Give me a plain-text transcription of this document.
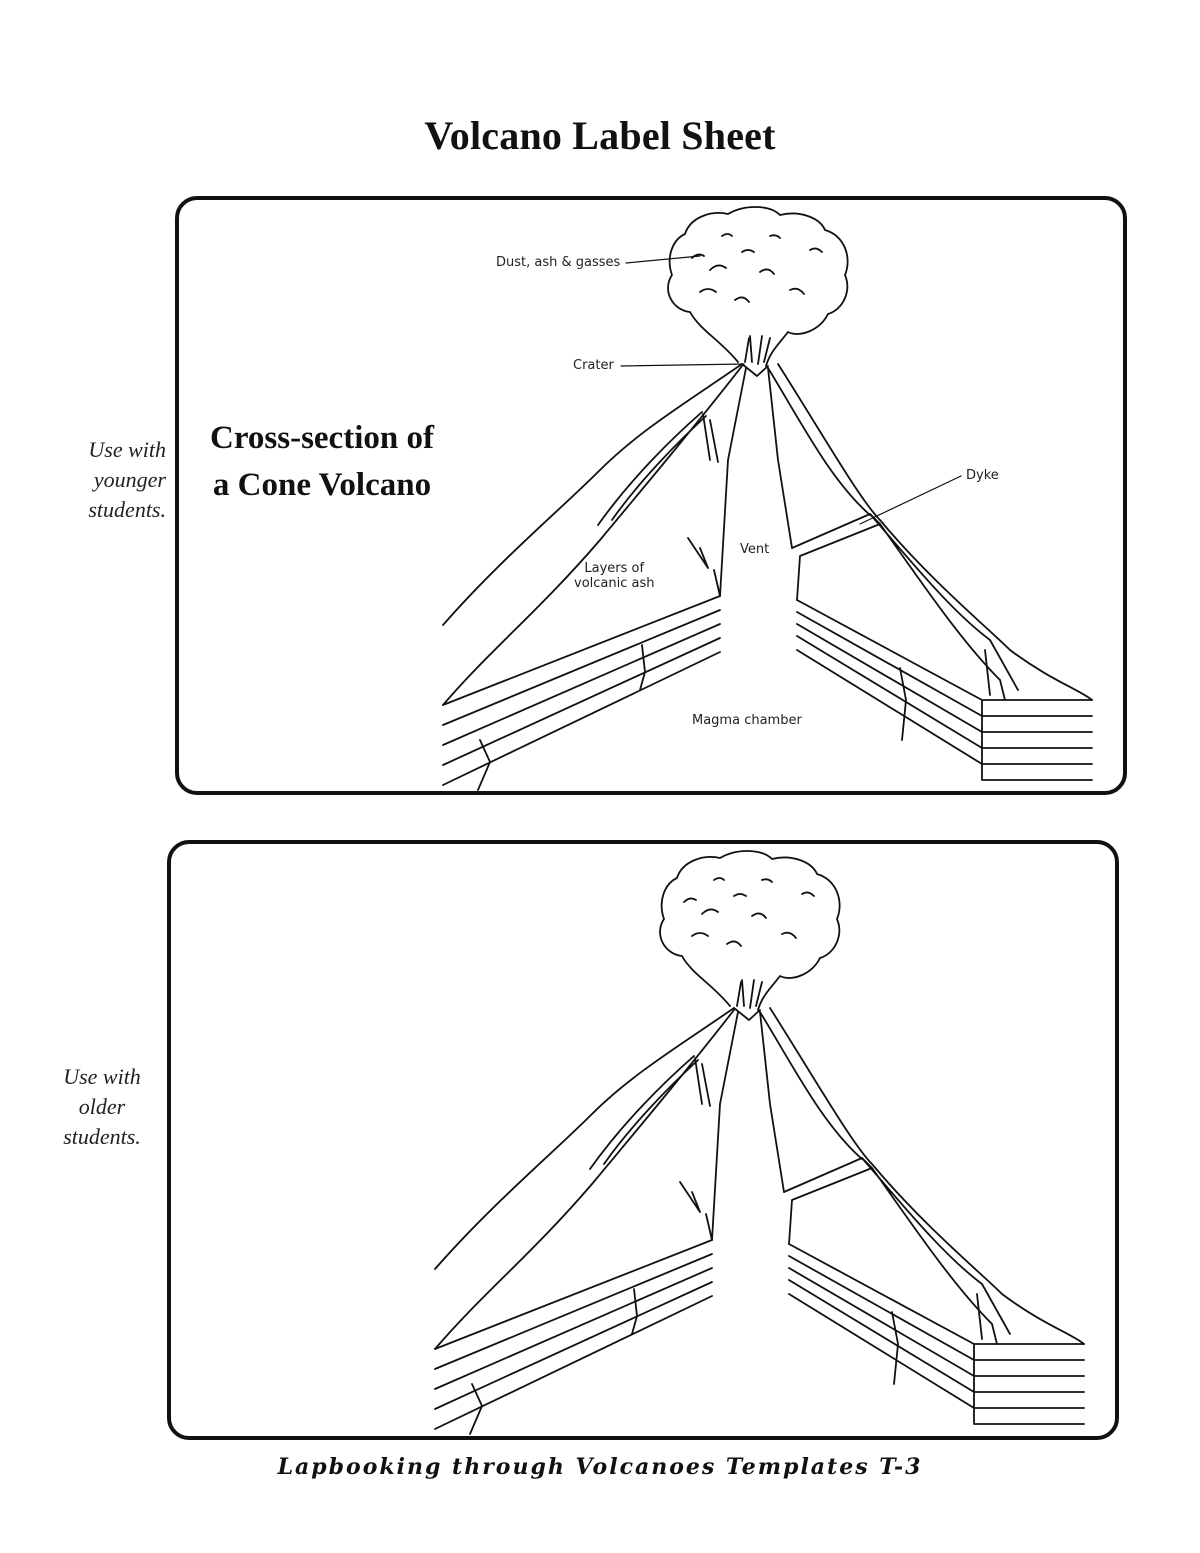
Volcano Label Sheet
Use with younger students.
Cross-section of a Cone Volcano
Dust, ash & gasses
Crater
Dyke
Vent
Layers of
volcanic ash
Magma chamber
Use with older students.
Lapbooking through Volcanoes Templates T-3
